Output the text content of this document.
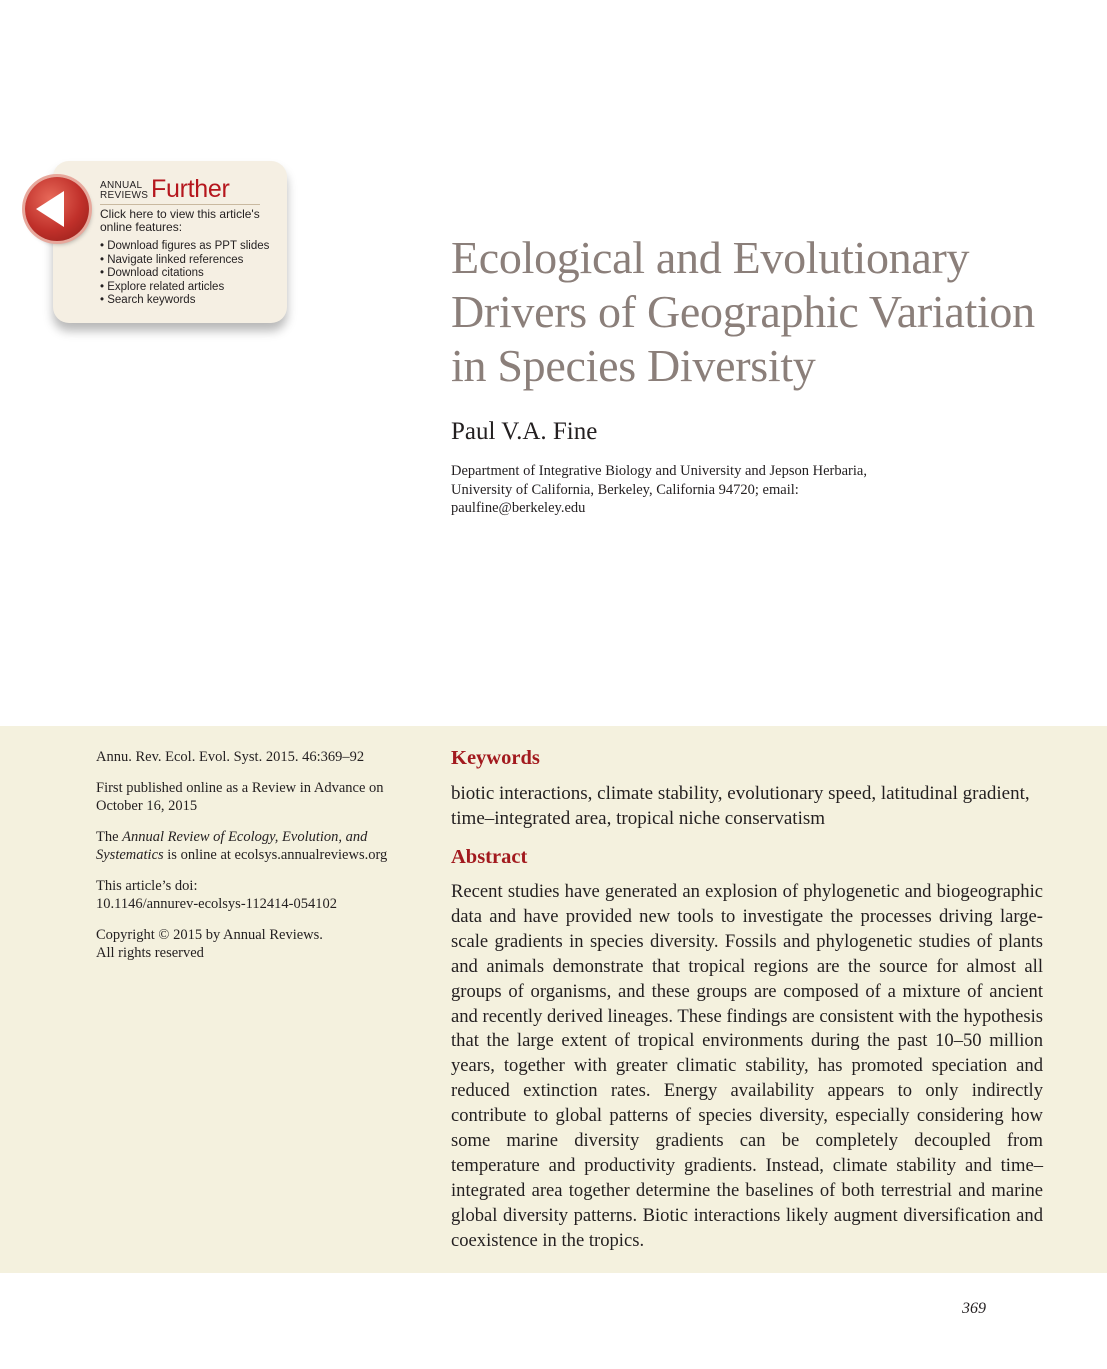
ANNUAL
REVIEWS Further
Click here to view this article's online features:
• Download figures as PPT slides
• Navigate linked references
• Download citations
• Explore related articles
• Search keywords
Ecological and Evolutionary Drivers of Geographic Variation in Species Diversity
Paul V.A. Fine
Department of Integrative Biology and University and Jepson Herbaria, University of California, Berkeley, California 94720; email: paulfine@berkeley.edu

Annu. Rev. Ecol. Evol. Syst. 2015. 46:369–92

First published online as a Review in Advance on October 16, 2015

The Annual Review of Ecology, Evolution, and Systematics is online at ecolsys.annualreviews.org

This article’s doi:
10.1146/annurev-ecolsys-112414-054102

Copyright © 2015 by Annual Reviews.
All rights reserved

Keywords
biotic interactions, climate stability, evolutionary speed, latitudinal gradient, time–integrated area, tropical niche conservatism
Abstract
Recent studies have generated an explosion of phylogenetic and biogeographic data and have provided new tools to investigate the processes driving large-scale gradients in species diversity. Fossils and phylogenetic studies of plants and animals demonstrate that tropical regions are the source for almost all groups of organisms, and these groups are composed of a mixture of ancient and recently derived lineages. These findings are consistent with the hypothesis that the large extent of tropical environments during the past 10–50 million years, together with greater climatic stability, has promoted speciation and reduced extinction rates. Energy availability appears to only indirectly contribute to global patterns of species diversity, especially considering how some marine diversity gradients can be completely decoupled from temperature and productivity gradients. Instead, climate stability and time–integrated area together determine the baselines of both terrestrial and marine global diversity patterns. Biotic interactions likely augment diversification and coexistence in the tropics.
369
